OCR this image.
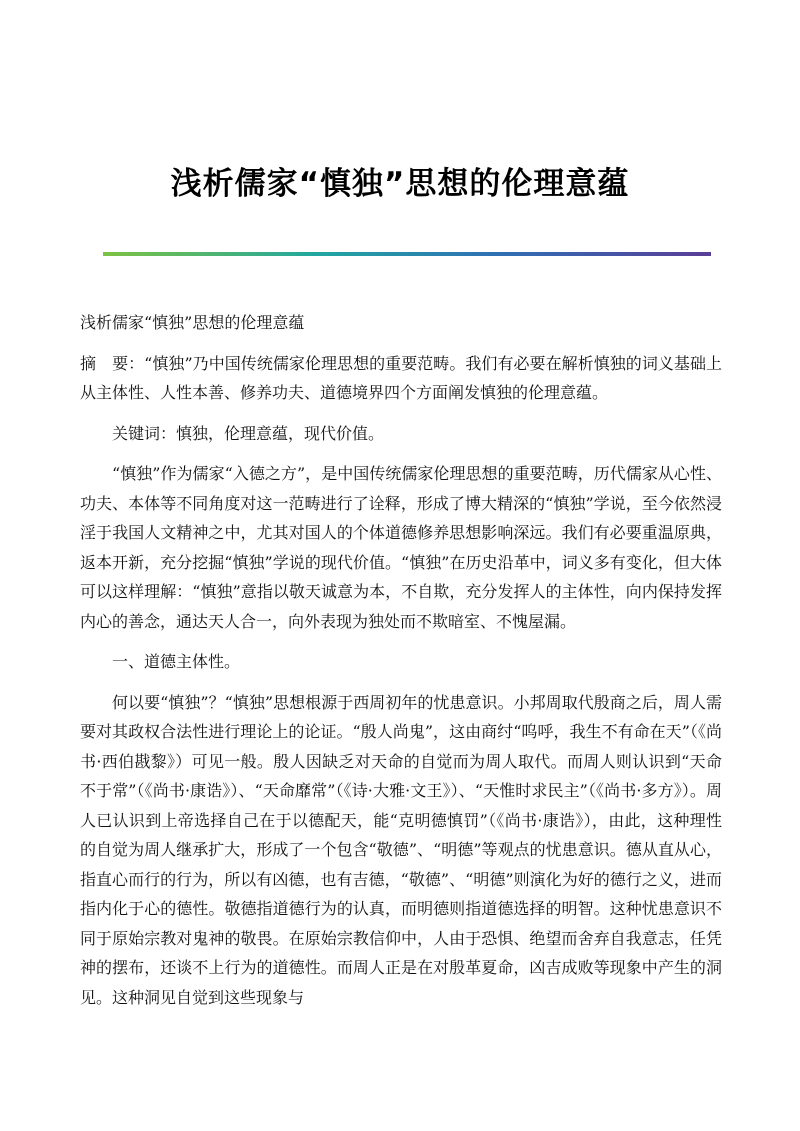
浅析儒家“慎独”思想的伦理意蕴

浅析儒家“慎独”思想的伦理意蕴

摘　要：“慎独”乃中国传统儒家伦理思想的重要范畴。我们有必要在解析慎独的词义基础上从主体性、人性本善、修养功夫、道德境界四个方面阐发慎独的伦理意蕴。

关键词：慎独，伦理意蕴，现代价值。

“慎独”作为儒家“入德之方”，是中国传统儒家伦理思想的重要范畴，历代儒家从心性、功夫、本体等不同角度对这一范畴进行了诠释，形成了博大精深的“慎独”学说，至今依然浸淫于我国人文精神之中，尤其对国人的个体道德修养思想影响深远。我们有必要重温原典，返本开新，充分挖掘“慎独”学说的现代价值。“慎独”在历史沿革中，词义多有变化，但大体可以这样理解：“慎独”意指以敬天诚意为本，不自欺，充分发挥人的主体性，向内保持发挥内心的善念，通达天人合一，向外表现为独处而不欺暗室、不愧屋漏。

一、道德主体性。

何以要“慎独”？“慎独”思想根源于西周初年的忧患意识。小邦周取代殷商之后，周人需要对其政权合法性进行理论上的论证。“殷人尚鬼”，这由商纣“呜呼，我生不有命在天”（《尚书·西伯戡黎》）可见一般。殷人因缺乏对天命的自觉而为周人取代。而周人则认识到“天命不于常”（《尚书·康诰》）、“天命靡常”（《诗·大雅·文王》）、“天惟时求民主”（《尚书·多方》）。周人已认识到上帝选择自己在于以德配天，能“克明德慎罚”（《尚书·康诰》），由此，这种理性的自觉为周人继承扩大，形成了一个包含“敬德”、“明德”等观点的忧患意识。德从直从心，指直心而行的行为，所以有凶德，也有吉德，“敬德”、“明德”则演化为好的德行之义，进而指内化于心的德性。敬德指道德行为的认真，而明德则指道德选择的明智。这种忧患意识不同于原始宗教对鬼神的敬畏。在原始宗教信仰中，人由于恐惧、绝望而舍弃自我意志，任凭神的摆布，还谈不上行为的道德性。而周人正是在对殷革夏命，凶吉成败等现象中产生的洞见。这种洞见自觉到这些现象与
